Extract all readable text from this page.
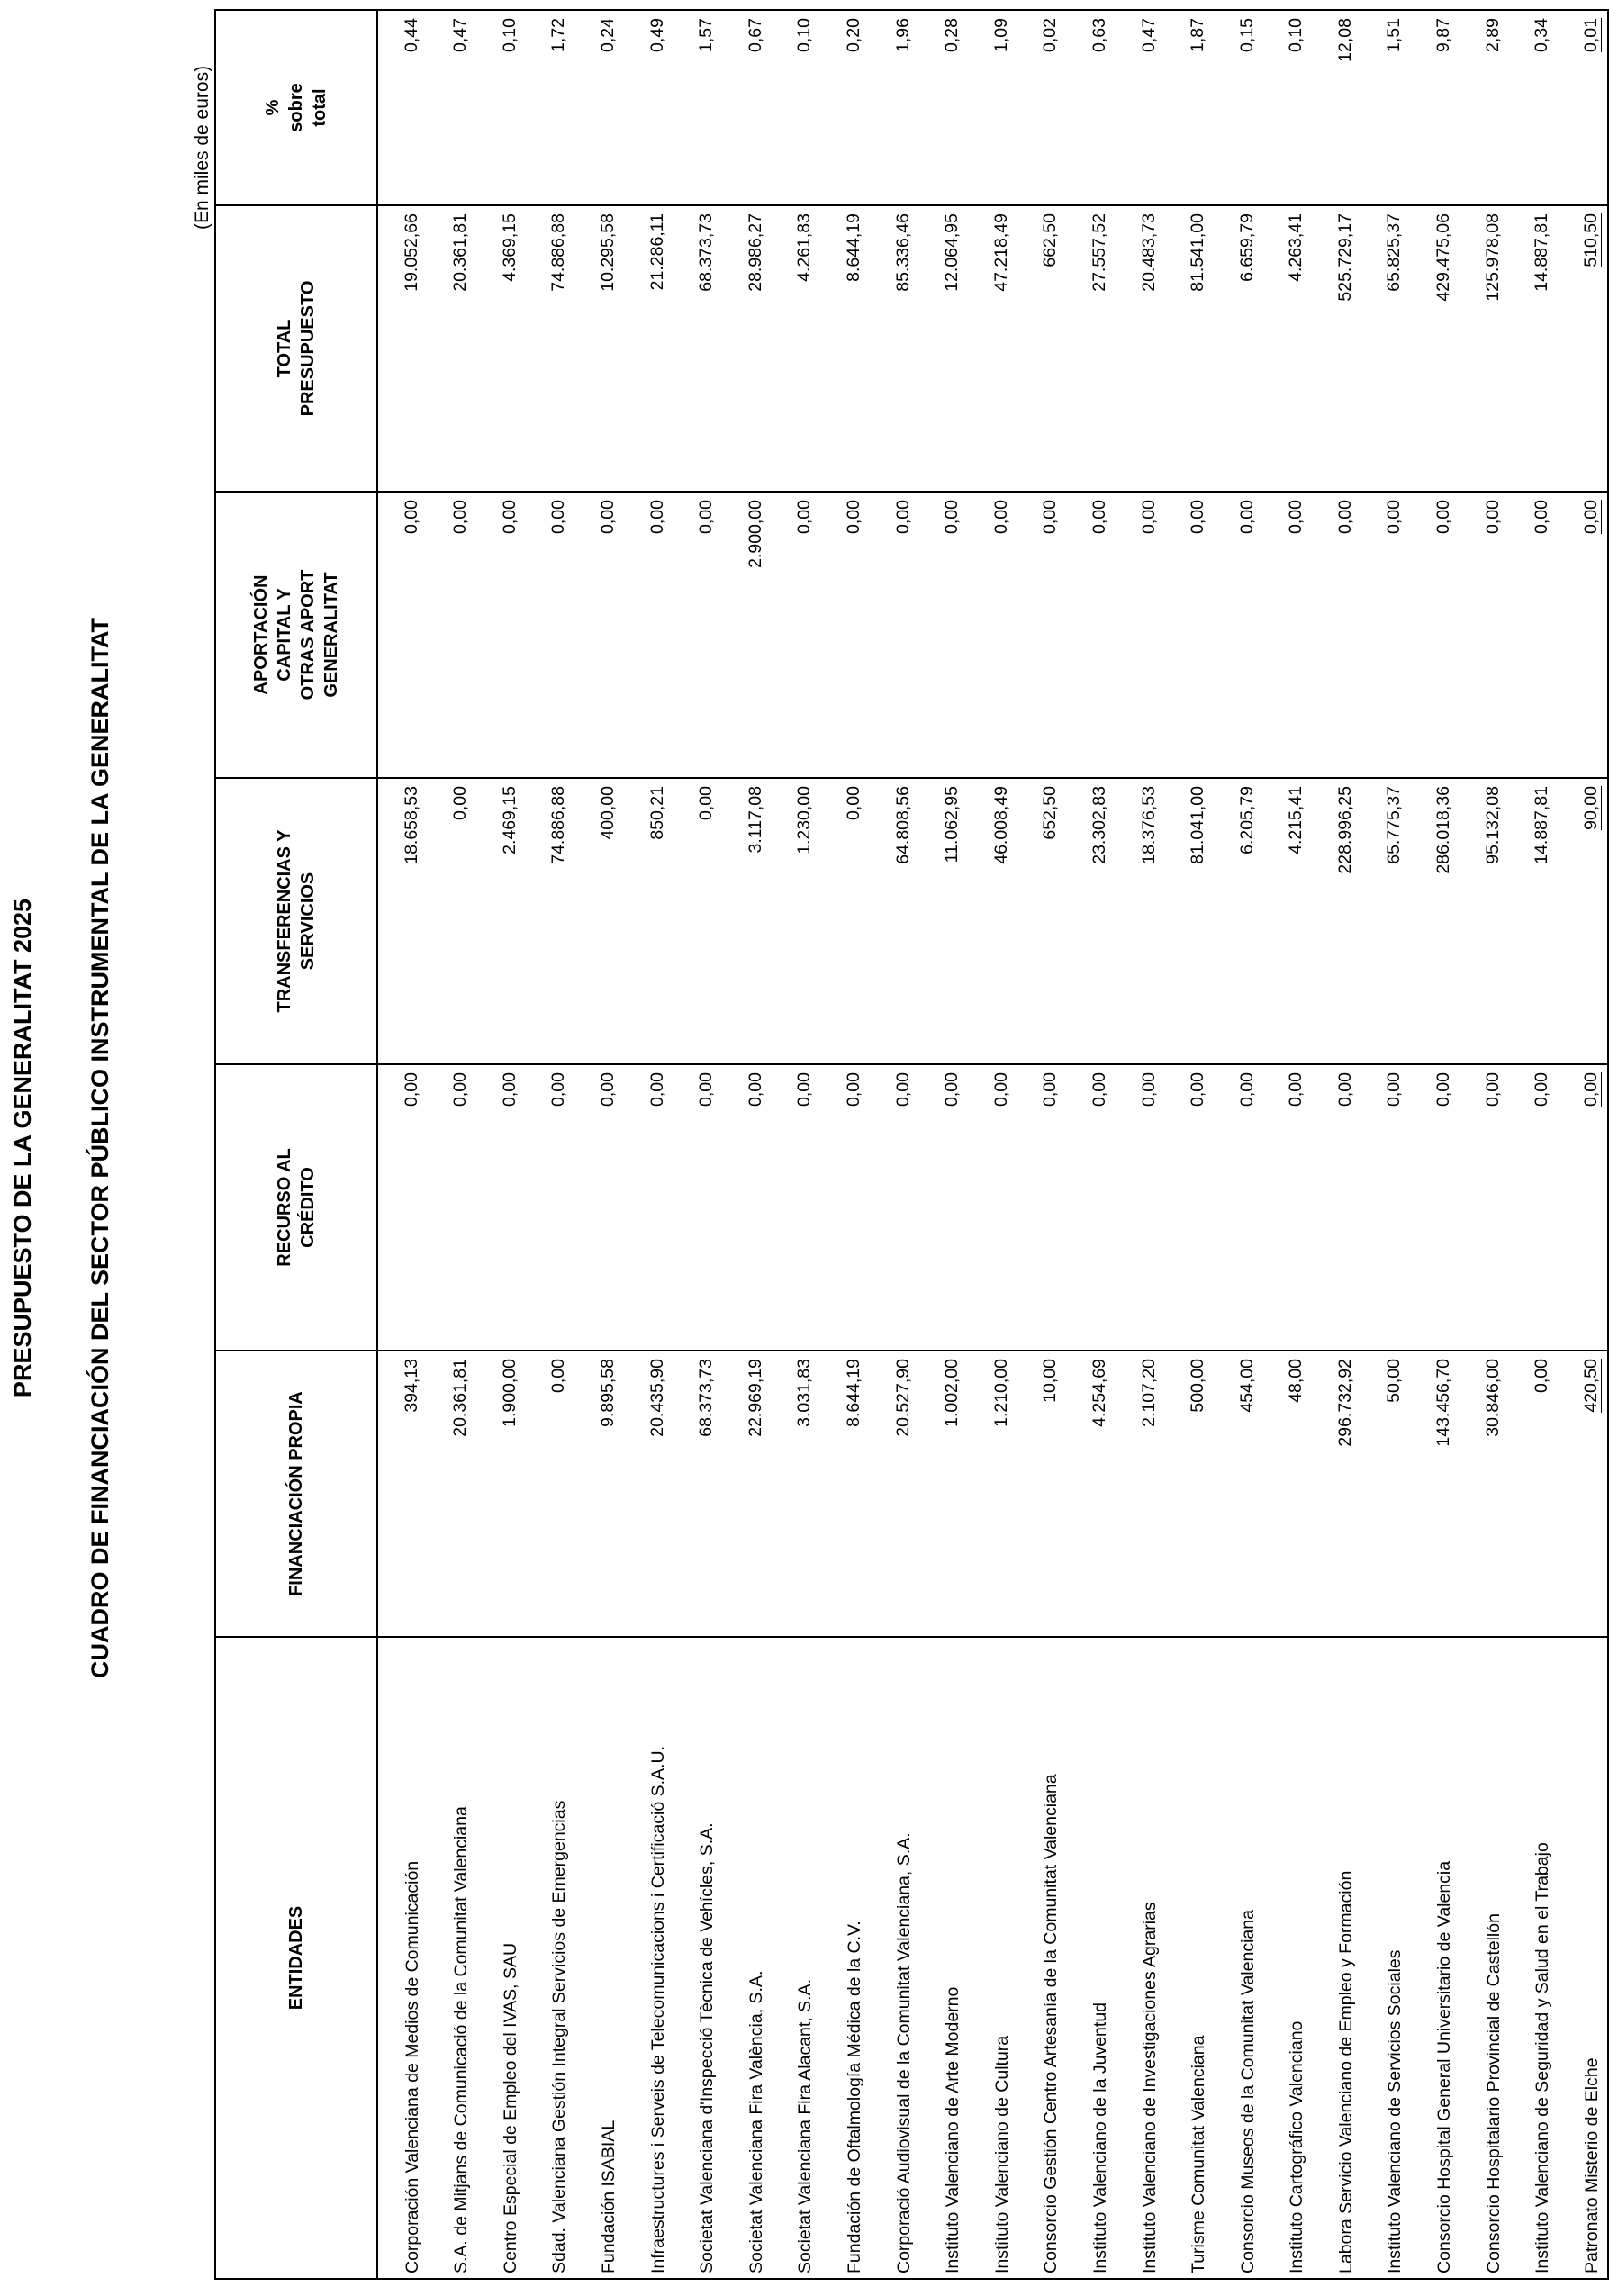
PRESUPUESTO DE LA GENERALITAT 2025 CUADRO DE FINANCIACIÓN DEL SECTOR PÚBLICO INSTRUMENTAL DE LA GENERALITAT
(En miles de euros)
ENTIDADES	FINANCIACIÓN PROPIA	RECURSO AL CRÉDITO	TRANSFERENCIAS Y SERVICIOS	APORTACIÓN CAPITAL Y OTRAS APORT GENERALITAT	TOTAL PRESUPUESTO	% sobre total

Corporación Valenciana de Medios de Comunicación	394,13	0,00	18.658,53	0,00	19.052,66	0,44
S.A. de Mitjans de Comunicació de la Comunitat Valenciana	20.361,81	0,00	0,00	0,00	20.361,81	0,47
Centro Especial de Empleo del IVAS, SAU	1.900,00	0,00	2.469,15	0,00	4.369,15	0,10
Sdad. Valenciana Gestión Integral Servicios de Emergencias	0,00	0,00	74.886,88	0,00	74.886,88	1,72
Fundación ISABIAL	9.895,58	0,00	400,00	0,00	10.295,58	0,24
Infraestructures i Serveis de Telecomunicacions i Certificació S.A.U.	20.435,90	0,00	850,21	0,00	21.286,11	0,49
Societat Valenciana d'Inspecció Tècnica de Vehícles, S.A.	68.373,73	0,00	0,00	0,00	68.373,73	1,57
Societat Valenciana Fira València, S.A.	22.969,19	0,00	3.117,08	2.900,00	28.986,27	0,67
Societat Valenciana Fira Alacant, S.A.	3.031,83	0,00	1.230,00	0,00	4.261,83	0,10
Fundación de Oftalmología Médica de la C.V.	8.644,19	0,00	0,00	0,00	8.644,19	0,20
Corporació Audiovisual de la Comunitat Valenciana, S.A.	20.527,90	0,00	64.808,56	0,00	85.336,46	1,96
Instituto Valenciano de Arte Moderno	1.002,00	0,00	11.062,95	0,00	12.064,95	0,28
Instituto Valenciano de Cultura	1.210,00	0,00	46.008,49	0,00	47.218,49	1,09
Consorcio Gestión Centro Artesanía de la Comunitat Valenciana	10,00	0,00	652,50	0,00	662,50	0,02
Instituto Valenciano de la Juventud	4.254,69	0,00	23.302,83	0,00	27.557,52	0,63
Instituto Valenciano de Investigaciones Agrarias	2.107,20	0,00	18.376,53	0,00	20.483,73	0,47
Turisme Comunitat Valenciana	500,00	0,00	81.041,00	0,00	81.541,00	1,87
Consorcio Museos de la Comunitat Valenciana	454,00	0,00	6.205,79	0,00	6.659,79	0,15
Instituto Cartográfico Valenciano	48,00	0,00	4.215,41	0,00	4.263,41	0,10
Labora Servicio Valenciano de Empleo y Formación	296.732,92	0,00	228.996,25	0,00	525.729,17	12,08
Instituto Valenciano de Servicios Sociales	50,00	0,00	65.775,37	0,00	65.825,37	1,51
Consorcio Hospital General Universitario de Valencia	143.456,70	0,00	286.018,36	0,00	429.475,06	9,87
Consorcio Hospitalario Provincial de Castellón	30.846,00	0,00	95.132,08	0,00	125.978,08	2,89
Instituto Valenciano de Seguridad y Salud en el Trabajo	0,00	0,00	14.887,81	0,00	14.887,81	0,34
Patronato Misterio de Elche	420,50	0,00	90,00	0,00	510,50	0,01
